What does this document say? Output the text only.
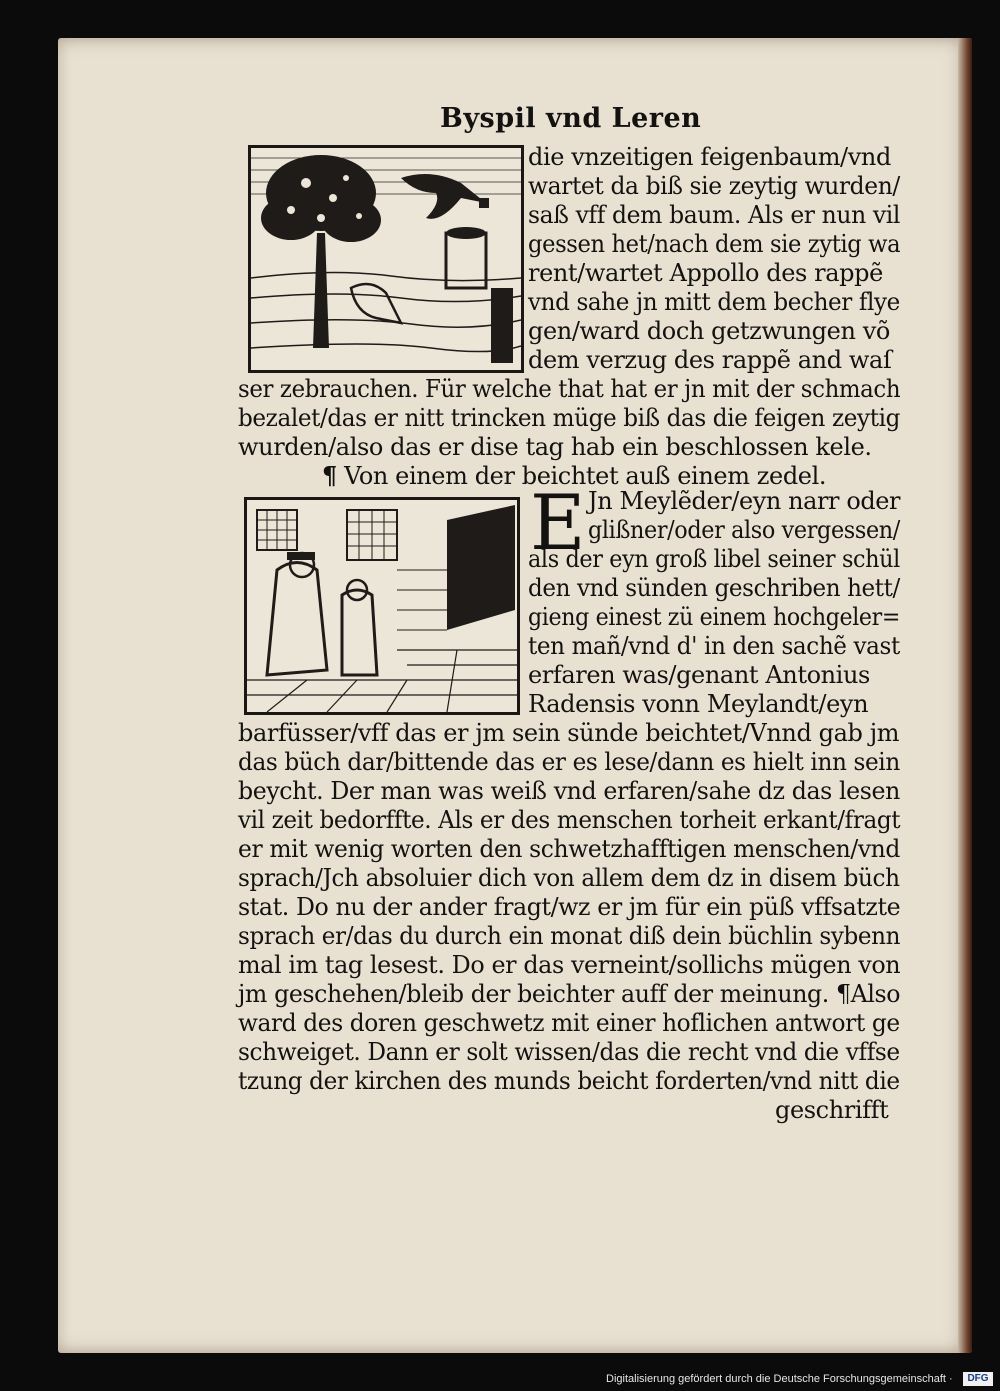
Byspil vnd Leren
die vnzeitigen feigenbaum/vnd
wartet da biß sie zeytig wurden/
saß vff dem baum. Als er nun vil
gessen het/nach dem sie zytig wa
rent/wartet Appollo des rappẽ
vnd sahe jn mitt dem becher flye
gen/ward doch getzwungen võ
dem verzug des rappẽ and waſ
ser zebrauchen. Für welche that hat er jn mit der schmach
bezalet/das er nitt trincken müge biß das die feigen zeytig
wurden/also das er dise tag hab ein beschlossen kele.
¶ Von einem der beichtet auß einem zedel.
E Jn Meylẽder/eyn narr oder
glißner/oder also vergessen/
als der eyn groß libel seiner schül
den vnd sünden geschriben hett/
gieng einest zü einem hochgeler=
ten mañ/vnd d' in den sachẽ vast
erfaren was/genant Antonius
Radensis vonn Meylandt/eyn
barfüsser/vff das er jm sein sünde beichtet/Vnnd gab jm
das büch dar/bittende das er es lese/dann es hielt inn sein
beycht. Der man was weiß vnd erfaren/sahe dz das lesen
vil zeit bedorffte. Als er des menschen torheit erkant/fragt
er mit wenig worten den schwetzhafftigen menschen/vnd
sprach/Jch absoluier dich von allem dem dz in disem büch
stat. Do nu der ander fragt/wz er jm für ein püß vffsatzte
sprach er/das du durch ein monat diß dein büchlin sybenn
mal im tag lesest. Do er das verneint/sollichs mügen von
jm geschehen/bleib der beichter auff der meinung. ¶Also
ward des doren geschwetz mit einer hoflichen antwort ge
schweiget. Dann er solt wissen/das die recht vnd die vffse
tzung der kirchen des munds beicht forderten/vnd nitt die
geschrifft
Digitalisierung gefördert durch die Deutsche Forschungsgemeinschaft ·	DFG
